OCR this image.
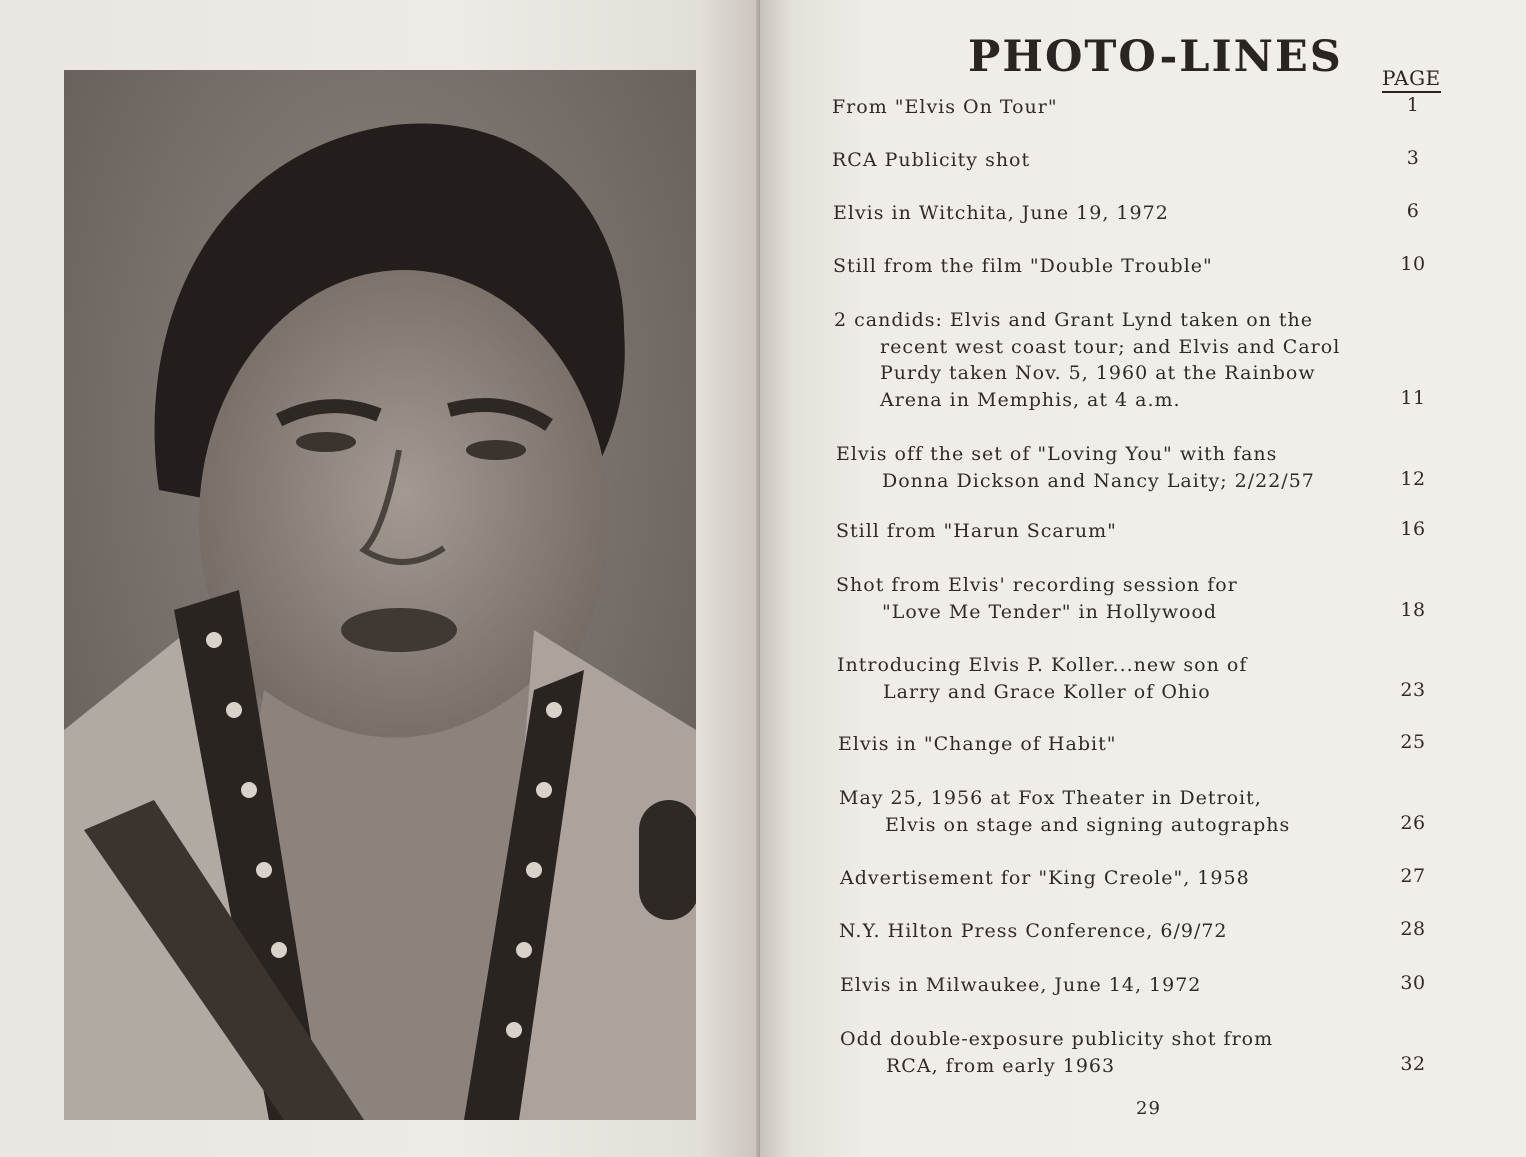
PHOTO-LINES PAGE
From "Elvis On Tour"	1
RCA Publicity shot	3
Elvis in Witchita, June 19, 1972	6
Still from the film "Double Trouble"	10
2 candids: Elvis and Grant Lynd taken on the
recent west coast tour; and Elvis and Carol
Purdy taken Nov. 5, 1960 at the Rainbow
Arena in Memphis, at 4 a.m.	11
Elvis off the set of "Loving You" with fans
Donna Dickson and Nancy Laity; 2/22/57	12
Still from "Harun Scarum"	16
Shot from Elvis' recording session for
"Love Me Tender" in Hollywood	18
Introducing Elvis P. Koller...new son of
Larry and Grace Koller of Ohio	23
Elvis in "Change of Habit"	25
May 25, 1956 at Fox Theater in Detroit,
Elvis on stage and signing autographs	26
Advertisement for "King Creole", 1958	27
N.Y. Hilton Press Conference, 6/9/72	28
Elvis in Milwaukee, June 14, 1972	30
Odd double-exposure publicity shot from
RCA, from early 1963	32
29
